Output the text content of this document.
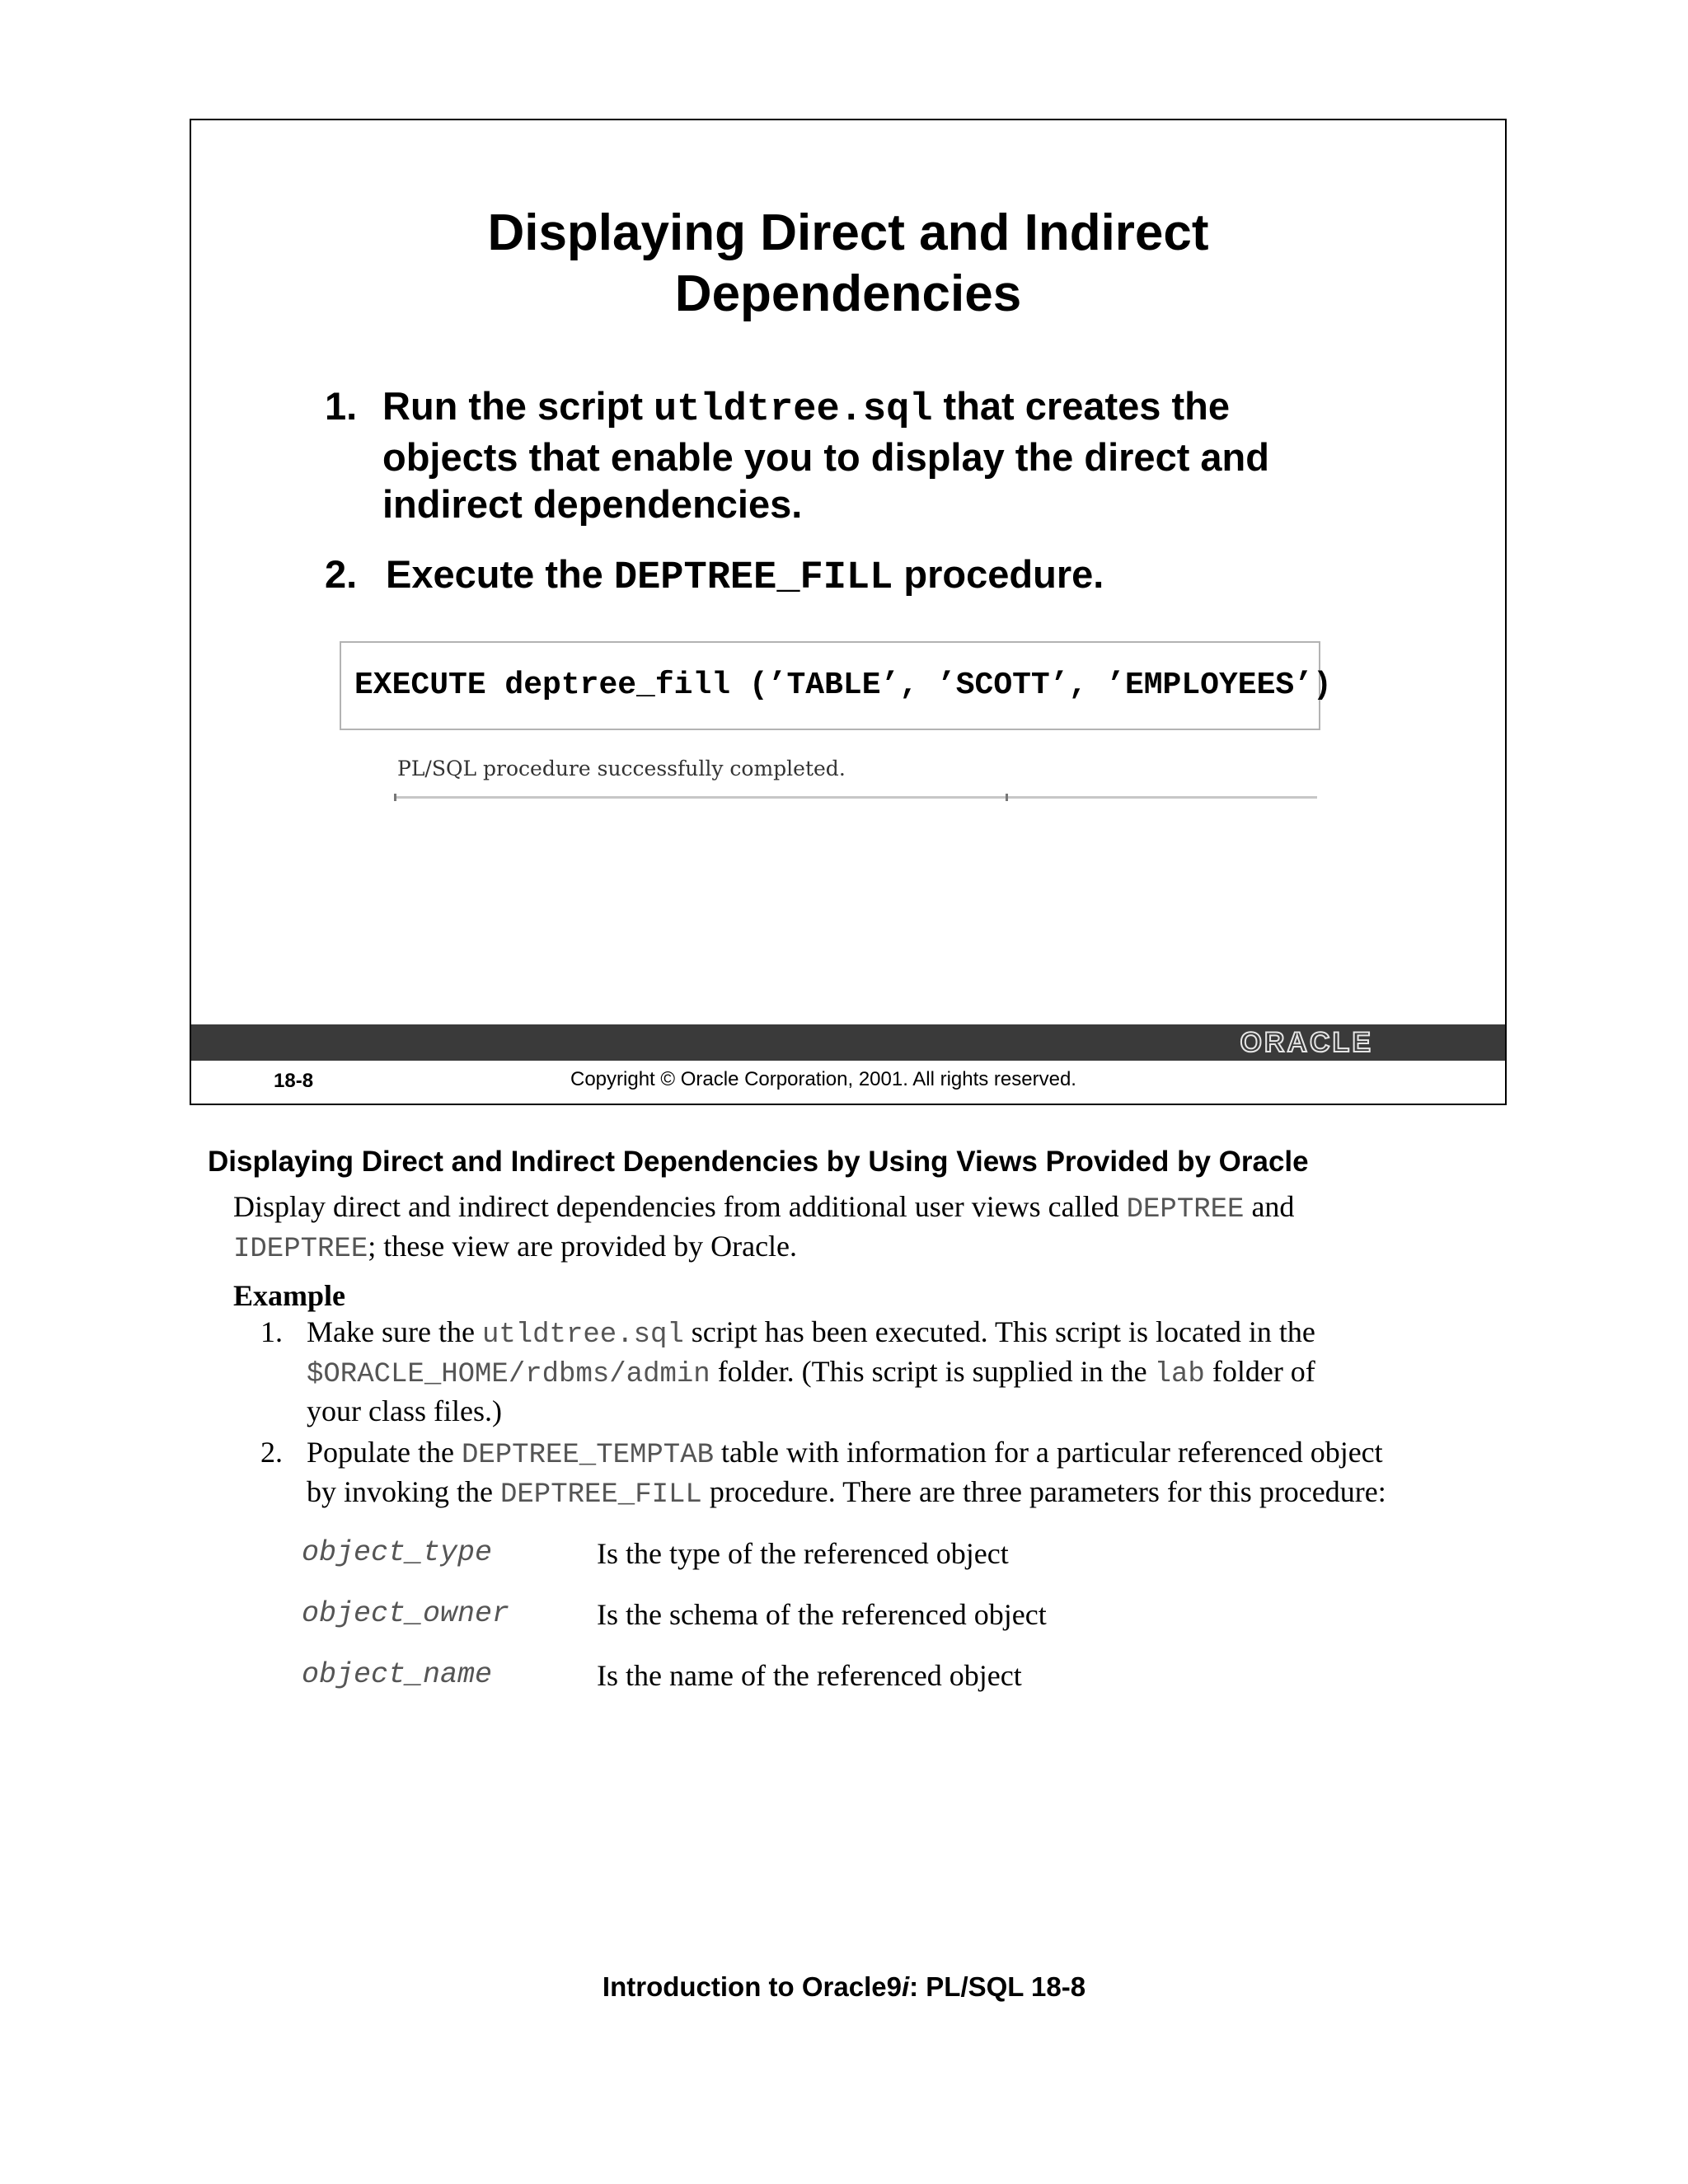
Displaying Direct and Indirect
Dependencies
1. Run the script utldtree.sql that creates the
objects that enable you to display the direct and
indirect dependencies.
2. Execute the DEPTREE_FILL procedure.
EXECUTE deptree_fill (’TABLE’, ’SCOTT’, ’EMPLOYEES’)
PL/SQL procedure successfully completed.
ORACLE
18-8	Copyright © Oracle Corporation, 2001. All rights reserved.
Displaying Direct and Indirect Dependencies by Using Views Provided by Oracle
Display direct and indirect dependencies from additional user views called DEPTREE and
IDEPTREE; these view are provided by Oracle.
Example
1. Make sure the utldtree.sql script has been executed. This script is located in the
$ORACLE_HOME/rdbms/admin folder. (This script is supplied in the lab folder of
your class files.)
2. Populate the DEPTREE_TEMPTAB table with information for a particular referenced object
by invoking the DEPTREE_FILL procedure. There are three parameters for this procedure:
object_type	Is the type of the referenced object
object_owner	Is the schema of the referenced object
object_name	Is the name of the referenced object
Introduction to Oracle9i: PL/SQL 18-8
